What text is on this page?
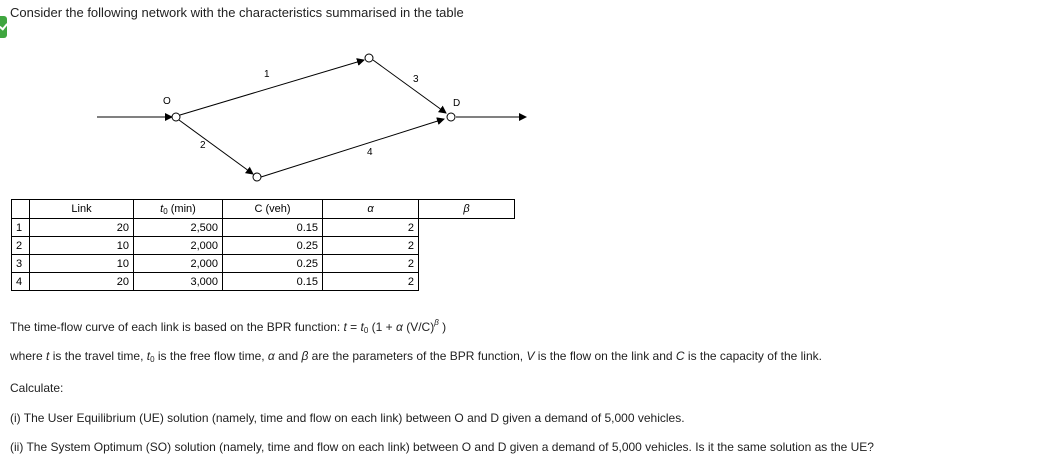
Consider the following network with the characteristics summarised in the table
O	D
1
2
3
4
	Link	$t_0$ (min)	C (veh)	α	β
1	20	2,500	0.15	2
2	10	2,000	0.25	2	
3	10	2,000	0.25	2	
4	20	3,000	0.15	2	
The time-flow curve of each link is based on the BPR function: $t = t_0$ (1 + α $(V/C)^\beta$ )
where t is the travel time, $t_0$ is the free flow time, α and β are the parameters of the BPR function, V is the flow on the link and C is the capacity of the link.
Calculate:
(i) The User Equilibrium (UE) solution (namely, time and flow on each link) between O and D given a demand of 5,000 vehicles.
(ii) The System Optimum (SO) solution (namely, time and flow on each link) between O and D given a demand of 5,000 vehicles. Is it the same solution as the UE?
